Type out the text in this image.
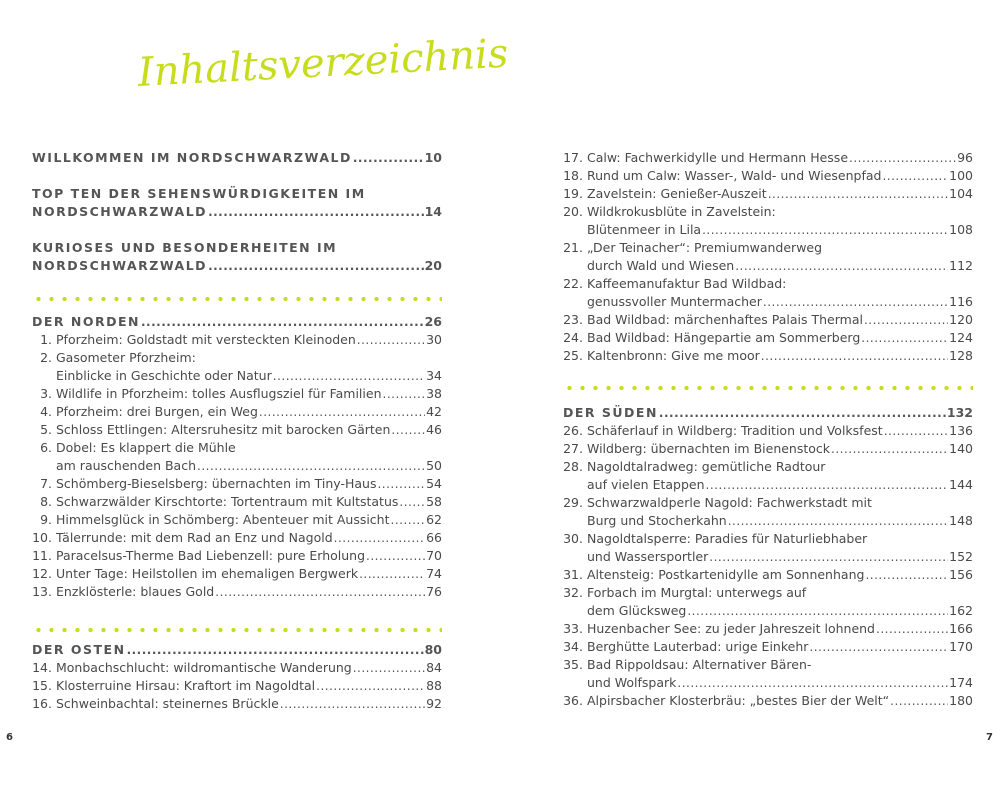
Inhaltsverzeichnis
WILLKOMMEN IM NORDSCHWARZWALD .....	10
TOP TEN DER SEHENSWÜRDIGKEITEN IM
NORDSCHWARZWALD .....	14
KURIOSES UND BESONDERHEITEN IM
NORDSCHWARZWALD .....	20
DER NORDEN .....	26
1. Pforzheim: Goldstadt mit versteckten Kleinoden .....	30
2. Gasometer Pforzheim:
Einblicke in Geschichte oder Natur .....	34
3. Wildlife in Pforzheim: tolles Ausflugsziel für Familien .....	38
4. Pforzheim: drei Burgen, ein Weg .....	42
5. Schloss Ettlingen: Altersruhesitz mit barocken Gärten .....	46
6. Dobel: Es klappert die Mühle
am rauschenden Bach .....	50
7. Schömberg-Bieselsberg: übernachten im Tiny-Haus .....	54
8. Schwarzwälder Kirschtorte: Tortentraum mit Kultstatus ..... 58
9. Himmelsglück in Schömberg: Abenteuer mit Aussicht .....	62
10. Tälerrunde: mit dem Rad an Enz und Nagold .....	66
11. Paracelsus-Therme Bad Liebenzell: pure Erholung .....	70
12. Unter Tage: Heilstollen im ehemaligen Bergwerk .....	74
13. Enzklösterle: blaues Gold .....	76
DER OSTEN .....	80
14. Monbachschlucht: wildromantische Wanderung .....	84
15. Klosterruine Hirsau: Kraftort im Nagoldtal .....	88
16. Schweinbachtal: steinernes Brückle .....	92
17. Calw: Fachwerkidylle und Hermann Hesse .....	96
18. Rund um Calw: Wasser-, Wald- und Wiesenpfad .....	100
19. Zavelstein: Genießer-Auszeit .....	104
20. Wildkrokusblüte in Zavelstein:
Blütenmeer in Lila .....	108
21. „Der Teinacher“: Premiumwanderweg
durch Wald und Wiesen .....	112
22. Kaffeemanufaktur Bad Wildbad:
genussvoller Muntermacher .....	116
23. Bad Wildbad: märchenhaftes Palais Thermal .....	120
24. Bad Wildbad: Hängepartie am Sommerberg .....	124
25. Kaltenbronn: Give me moor .....	128
DER SÜDEN .....	132
26. Schäferlauf in Wildberg: Tradition und Volksfest .....	136
27. Wildberg: übernachten im Bienenstock .....	140
28. Nagoldtalradweg: gemütliche Radtour
auf vielen Etappen .....	144
29. Schwarzwaldperle Nagold: Fachwerkstadt mit
Burg und Stocherkahn .....	148
30. Nagoldtalsperre: Paradies für Naturliebhaber
und Wassersportler .....	152
31. Altensteig: Postkartenidylle am Sonnenhang .....	156
32. Forbach im Murgtal: unterwegs auf
dem Glücksweg .....	162
33. Huzenbacher See: zu jeder Jahreszeit lohnend .....	166
34. Berghütte Lauterbad: urige Einkehr .....	170
35. Bad Rippoldsau: Alternativer Bären-
und Wolfspark .....	174
36. Alpirsbacher Klosterbräu: „bestes Bier der Welt“ .....	180
6	7
